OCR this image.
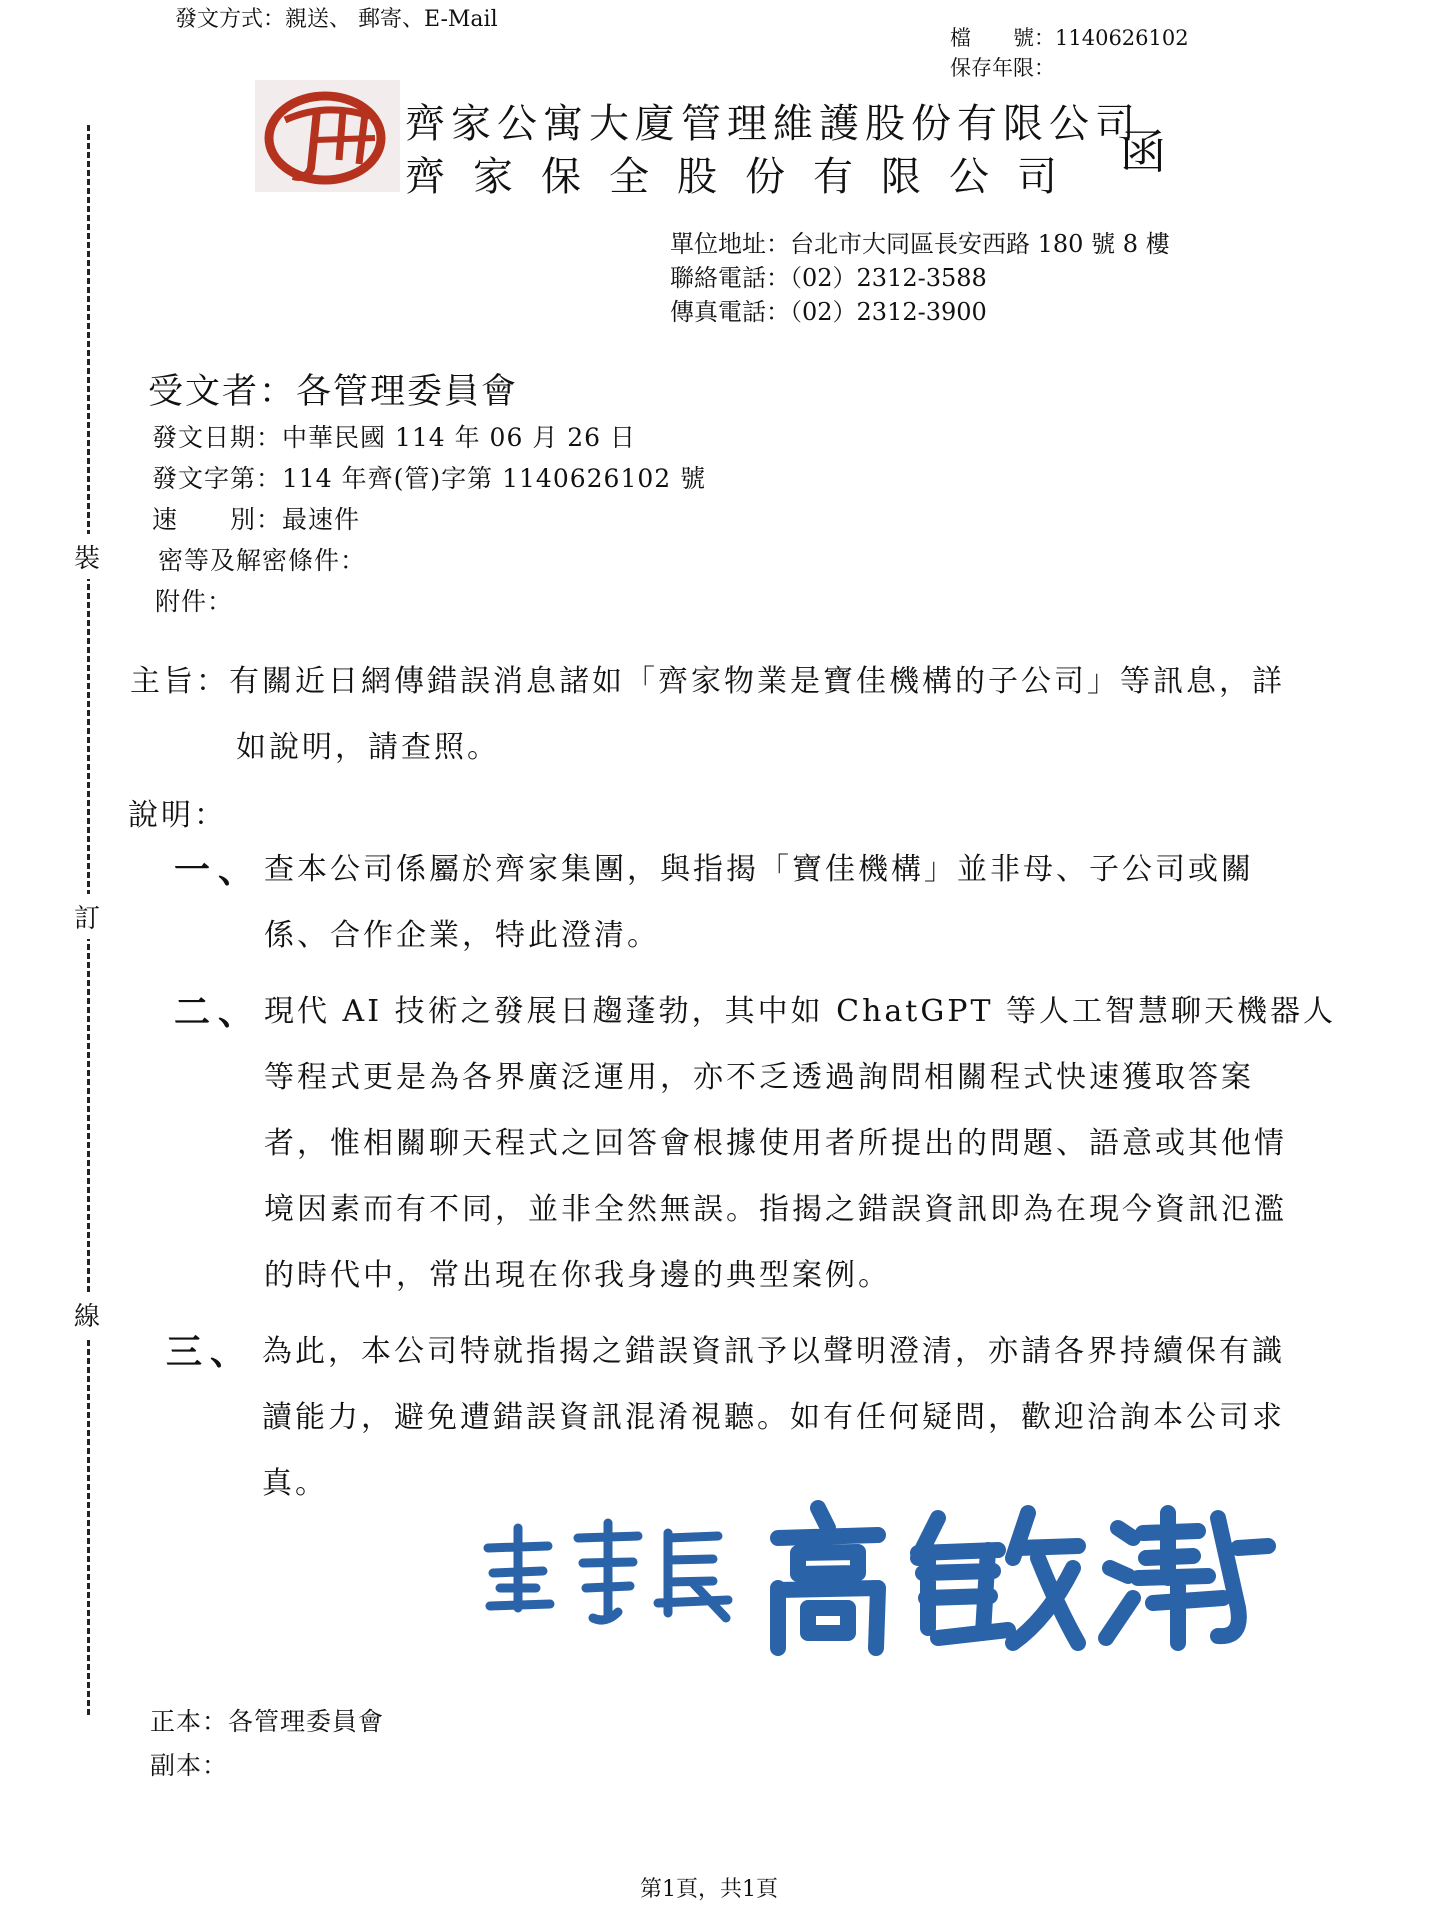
發文方式：親送、 郵寄、E-Mail
檔　　號：1140626102
保存年限：
齊家公寓大廈管理維護股份有限公司
齊家保全股份有限公司 函
單位地址：台北市大同區長安西路 180 號 8 樓
聯絡電話：（02）2312-3588
傳真電話：（02）2312-3900
裝
訂
線
受文者：各管理委員會
發文日期：中華民國 114 年 06 月 26 日
發文字第：114 年齊(管)字第 1140626102 號
速　　別：最速件
密等及解密條件：
附件：
主旨：有關近日網傳錯誤消息諸如「齊家物業是寶佳機構的子公司」等訊息，詳
如說明，請查照。
說明：
一、 查本公司係屬於齊家集團，與指揭「寶佳機構」並非母、子公司或關
係、合作企業，特此澄清。
二、 現代 AI 技術之發展日趨蓬勃，其中如 ChatGPT 等人工智慧聊天機器人
等程式更是為各界廣泛運用，亦不乏透過詢問相關程式快速獲取答案
者，惟相關聊天程式之回答會根據使用者所提出的問題、語意或其他情
境因素而有不同，並非全然無誤。指揭之錯誤資訊即為在現今資訊氾濫
的時代中，常出現在你我身邊的典型案例。
三、 為此，本公司特就指揭之錯誤資訊予以聲明澄清，亦請各界持續保有識
讀能力，避免遭錯誤資訊混淆視聽。如有任何疑問，歡迎洽詢本公司求
真。
正本：各管理委員會
副本：
第1頁，共1頁
